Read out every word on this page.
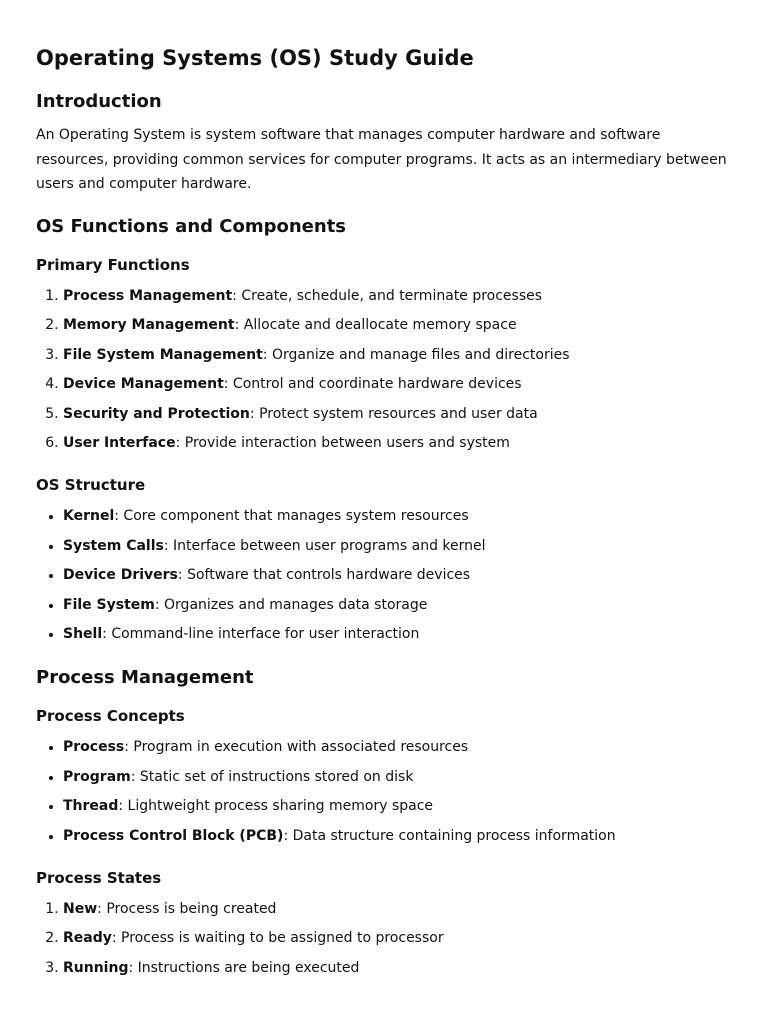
Operating Systems (OS) Study Guide
Introduction

An Operating System is system software that manages computer hardware and software resources, providing common services for computer programs. It acts as an intermediary between users and computer hardware.

OS Functions and Components
Primary Functions
1. Process Management: Create, schedule, and terminate processes
2. Memory Management: Allocate and deallocate memory space
3. File System Management: Organize and manage files and directories
4. Device Management: Control and coordinate hardware devices
5. Security and Protection: Protect system resources and user data
6. User Interface: Provide interaction between users and system
OS Structure
• Kernel: Core component that manages system resources
• System Calls: Interface between user programs and kernel
• Device Drivers: Software that controls hardware devices
• File System: Organizes and manages data storage
• Shell: Command-line interface for user interaction
Process Management
Process Concepts
• Process: Program in execution with associated resources
• Program: Static set of instructions stored on disk
• Thread: Lightweight process sharing memory space
• Process Control Block (PCB): Data structure containing process information
Process States
1. New: Process is being created
2. Ready: Process is waiting to be assigned to processor
3. Running: Instructions are being executed
